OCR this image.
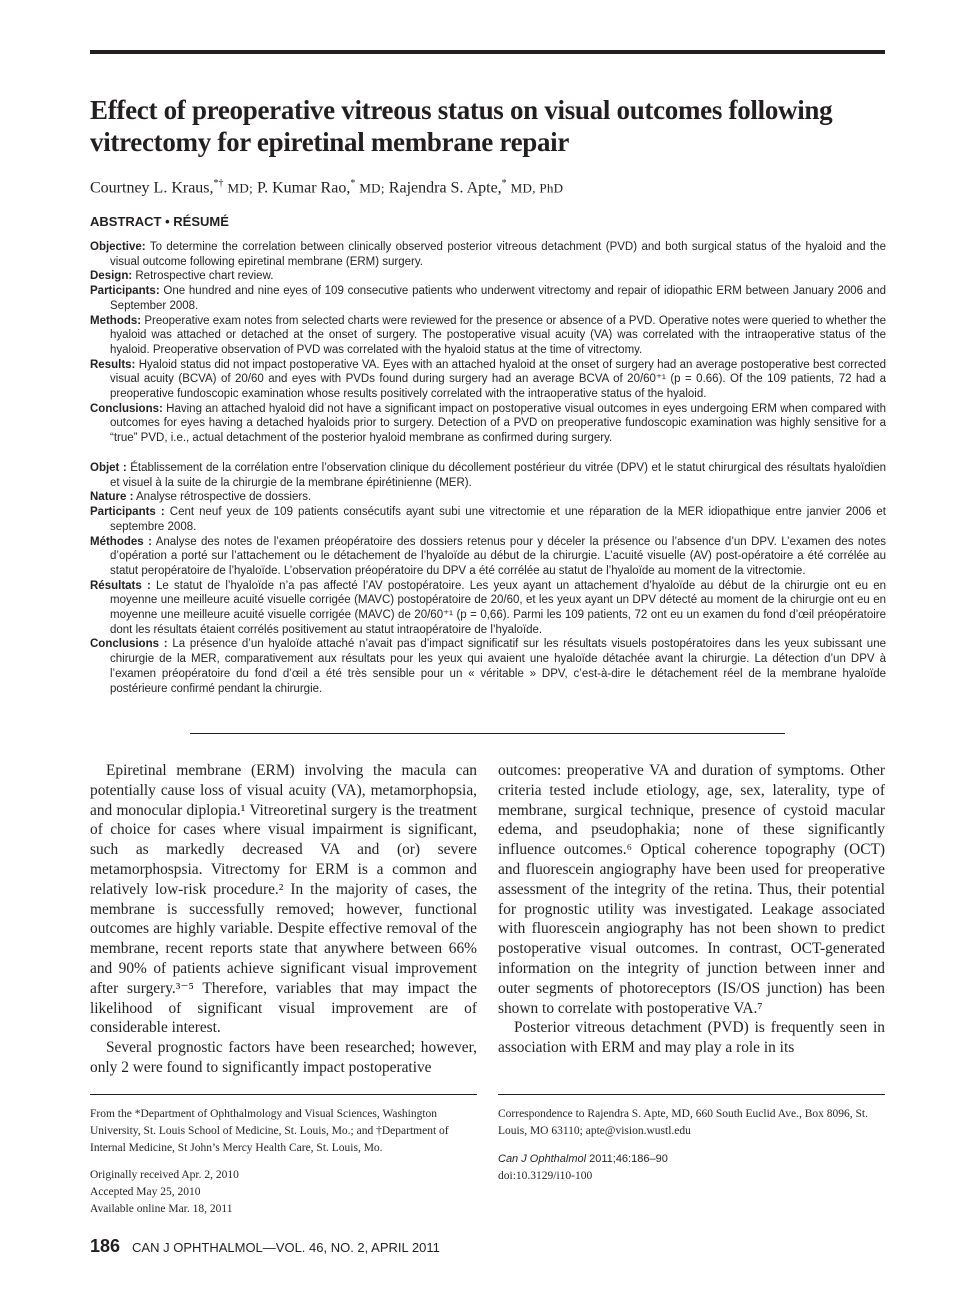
Effect of preoperative vitreous status on visual outcomes following vitrectomy for epiretinal membrane repair
Courtney L. Kraus,*† MD; P. Kumar Rao,* MD; Rajendra S. Apte,* MD, PhD
ABSTRACT • RÉSUMÉ

Objective: To determine the correlation between clinically observed posterior vitreous detachment (PVD) and both surgical status of the hyaloid and the visual outcome following epiretinal membrane (ERM) surgery.

Design: Retrospective chart review.

Participants: One hundred and nine eyes of 109 consecutive patients who underwent vitrectomy and repair of idiopathic ERM between January 2006 and September 2008.

Methods: Preoperative exam notes from selected charts were reviewed for the presence or absence of a PVD. Operative notes were queried to whether the hyaloid was attached or detached at the onset of surgery. The postoperative visual acuity (VA) was correlated with the intraoperative status of the hyaloid. Preoperative observation of PVD was correlated with the hyaloid status at the time of vitrectomy.

Results: Hyaloid status did not impact postoperative VA. Eyes with an attached hyaloid at the onset of surgery had an average postoperative best corrected visual acuity (BCVA) of 20/60 and eyes with PVDs found during surgery had an average BCVA of 20/60⁺¹ (p = 0.66). Of the 109 patients, 72 had a preoperative fundoscopic examination whose results positively correlated with the intraoperative status of the hyaloid.

Conclusions: Having an attached hyaloid did not have a significant impact on postoperative visual outcomes in eyes undergoing ERM when compared with outcomes for eyes having a detached hyaloids prior to surgery. Detection of a PVD on preoperative fundoscopic examination was highly sensitive for a “true” PVD, i.e., actual detachment of the posterior hyaloid membrane as confirmed during surgery.

Objet : Établissement de la corrélation entre l’observation clinique du décollement postérieur du vitrée (DPV) et le statut chirurgical des résultats hyaloïdien et visuel à la suite de la chirurgie de la membrane épirétinienne (MER).

Nature : Analyse rétrospective de dossiers.

Participants : Cent neuf yeux de 109 patients consécutifs ayant subi une vitrectomie et une réparation de la MER idiopathique entre janvier 2006 et septembre 2008.

Méthodes : Analyse des notes de l’examen préopératoire des dossiers retenus pour y déceler la présence ou l’absence d’un DPV. L’examen des notes d’opération a porté sur l’attachement ou le détachement de l’hyaloïde au début de la chirurgie. L’acuité visuelle (AV) post-opératoire a été corrélée au statut peropératoire de l’hyaloïde. L’observation préopératoire du DPV a été corrélée au statut de l’hyaloïde au moment de la vitrectomie.

Résultats : Le statut de l’hyaloïde n’a pas affecté l’AV postopératoire. Les yeux ayant un attachement d’hyaloïde au début de la chirurgie ont eu en moyenne une meilleure acuité visuelle corrigée (MAVC) postopératoire de 20/60, et les yeux ayant un DPV détecté au moment de la chirurgie ont eu en moyenne une meilleure acuité visuelle corrigée (MAVC) de 20/60⁺¹ (p = 0,66). Parmi les 109 patients, 72 ont eu un examen du fond d’œil préopératoire dont les résultats étaient corrélés positivement au statut intraopératoire de l’hyaloïde.

Conclusions : La présence d’un hyaloïde attaché n’avait pas d’impact significatif sur les résultats visuels postopératoires dans les yeux subissant une chirurgie de la MER, comparativement aux résultats pour les yeux qui avaient une hyaloïde détachée avant la chirurgie. La détection d’un DPV à l’examen préopératoire du fond d’œil a été très sensible pour un « véritable » DPV, c’est-à-dire le détachement réel de la membrane hyaloïde postérieure confirmé pendant la chirurgie.

Epiretinal membrane (ERM) involving the macula can potentially cause loss of visual acuity (VA), metamorphopsia, and monocular diplopia.¹ Vitreoretinal surgery is the treatment of choice for cases where visual impairment is significant, such as markedly decreased VA and (or) severe metamorphospsia. Vitrectomy for ERM is a common and relatively low-risk procedure.² In the majority of cases, the membrane is successfully removed; however, functional outcomes are highly variable. Despite effective removal of the membrane, recent reports state that anywhere between 66% and 90% of patients achieve significant visual improvement after surgery.³⁻⁵ Therefore, variables that may impact the likelihood of significant visual improvement are of considerable interest.

Several prognostic factors have been researched; however, only 2 were found to significantly impact postoperative

outcomes: preoperative VA and duration of symptoms. Other criteria tested include etiology, age, sex, laterality, type of membrane, surgical technique, presence of cystoid macular edema, and pseudophakia; none of these significantly influence outcomes.⁶ Optical coherence topography (OCT) and fluorescein angiography have been used for preoperative assessment of the integrity of the retina. Thus, their potential for prognostic utility was investigated. Leakage associated with fluorescein angiography has not been shown to predict postoperative visual outcomes. In contrast, OCT-generated information on the integrity of junction between inner and outer segments of photoreceptors (IS/OS junction) has been shown to correlate with postoperative VA.⁷

Posterior vitreous detachment (PVD) is frequently seen in association with ERM and may play a role in its

From the *Department of Ophthalmology and Visual Sciences, Washington University, St. Louis School of Medicine, St. Louis, Mo.; and †Department of Internal Medicine, St John’s Mercy Health Care, St. Louis, Mo.

Originally received Apr. 2, 2010

Accepted May 25, 2010

Available online Mar. 18, 2011

Correspondence to Rajendra S. Apte, MD, 660 South Euclid Ave., Box 8096, St. Louis, MO 63110; apte@vision.wustl.edu

Can J Ophthalmol 2011;46:186–90

doi:10.3129/i10-100

186 CAN J OPHTHALMOL—VOL. 46, NO. 2, APRIL 2011
